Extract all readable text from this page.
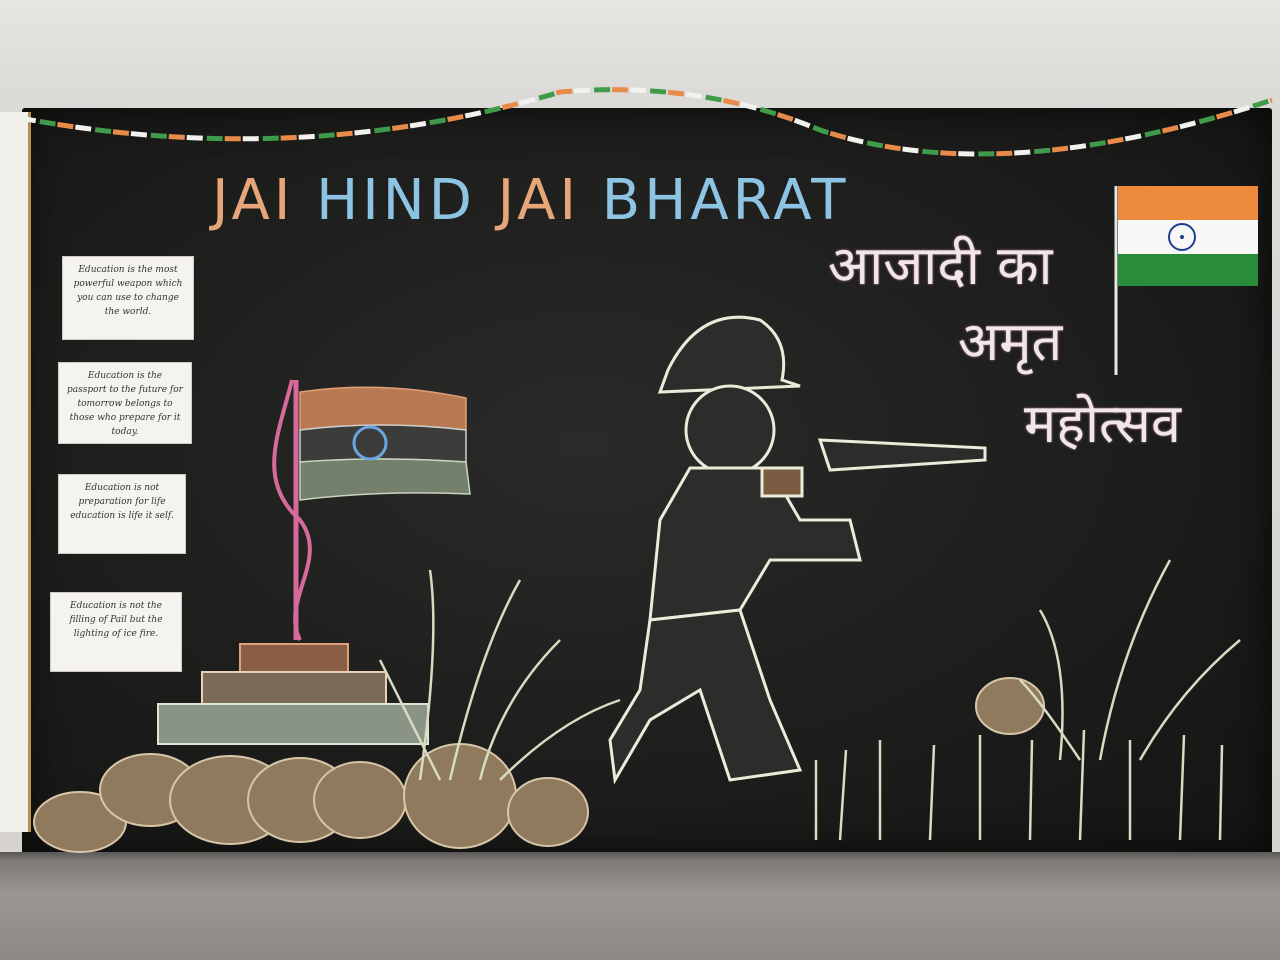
JAI HIND JAI BHARAT
आजादी का
अमृत
महोत्सव
Education is the most powerful weapon which you can use to change the world.
Education is the passport to the future for tomorrow belongs to those who prepare for it today.
Education is not preparation for life education is life it self.
Education is not the filling of Pail but the lighting of ice fire.
